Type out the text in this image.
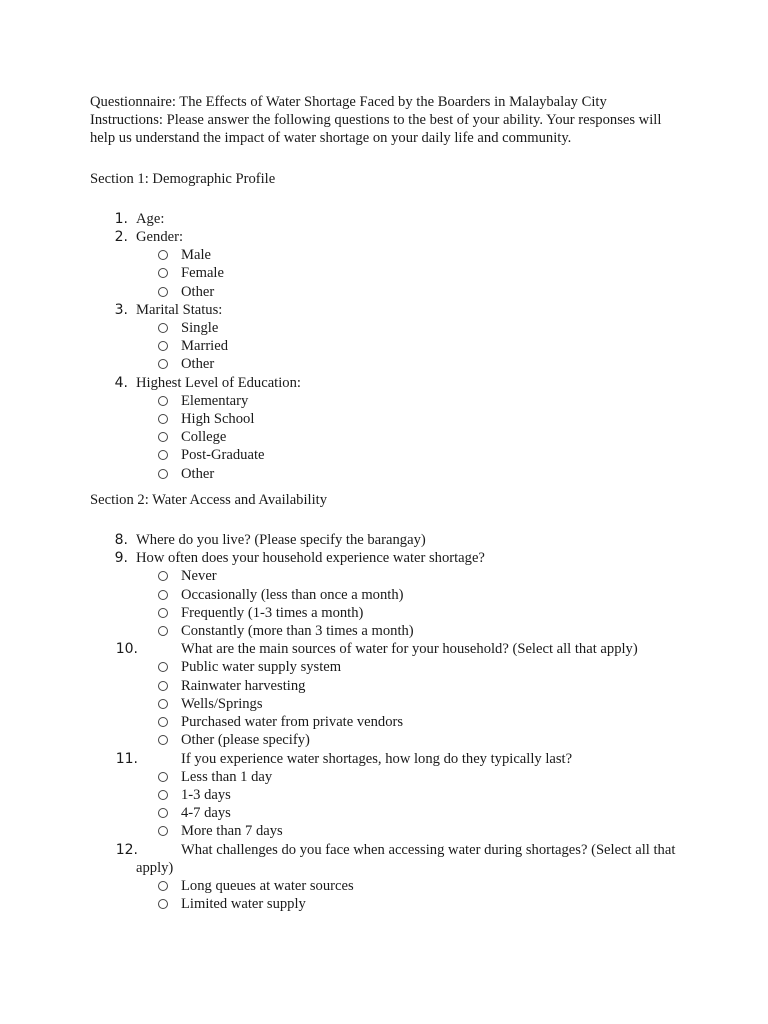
Questionnaire: The Effects of Water Shortage Faced by the Boarders in Malaybalay City

Instructions: Please answer the following questions to the best of your ability. Your responses will help us understand the impact of water shortage on your daily life and community.

Section 1: Demographic Profile

1. Age:
2. Gender:
Male
Female
Other
3. Marital Status:
Single
Married
Other
4. Highest Level of Education:
Elementary
High School
College
Post-Graduate
Other

Section 2: Water Access and Availability

8. Where do you live? (Please specify the barangay)
9. How often does your household experience water shortage?
Never
Occasionally (less than once a month)
Frequently (1-3 times a month)
Constantly (more than 3 times a month)
10.	What are the main sources of water for your household? (Select all that apply)
Public water supply system
Rainwater harvesting
Wells/Springs
Purchased water from private vendors
Other (please specify)
11.	If you experience water shortages, how long do they typically last?
Less than 1 day
1-3 days
4-7 days
More than 7 days
12.	What challenges do you face when accessing water during shortages? (Select all that apply)
Long queues at water sources
Limited water supply
